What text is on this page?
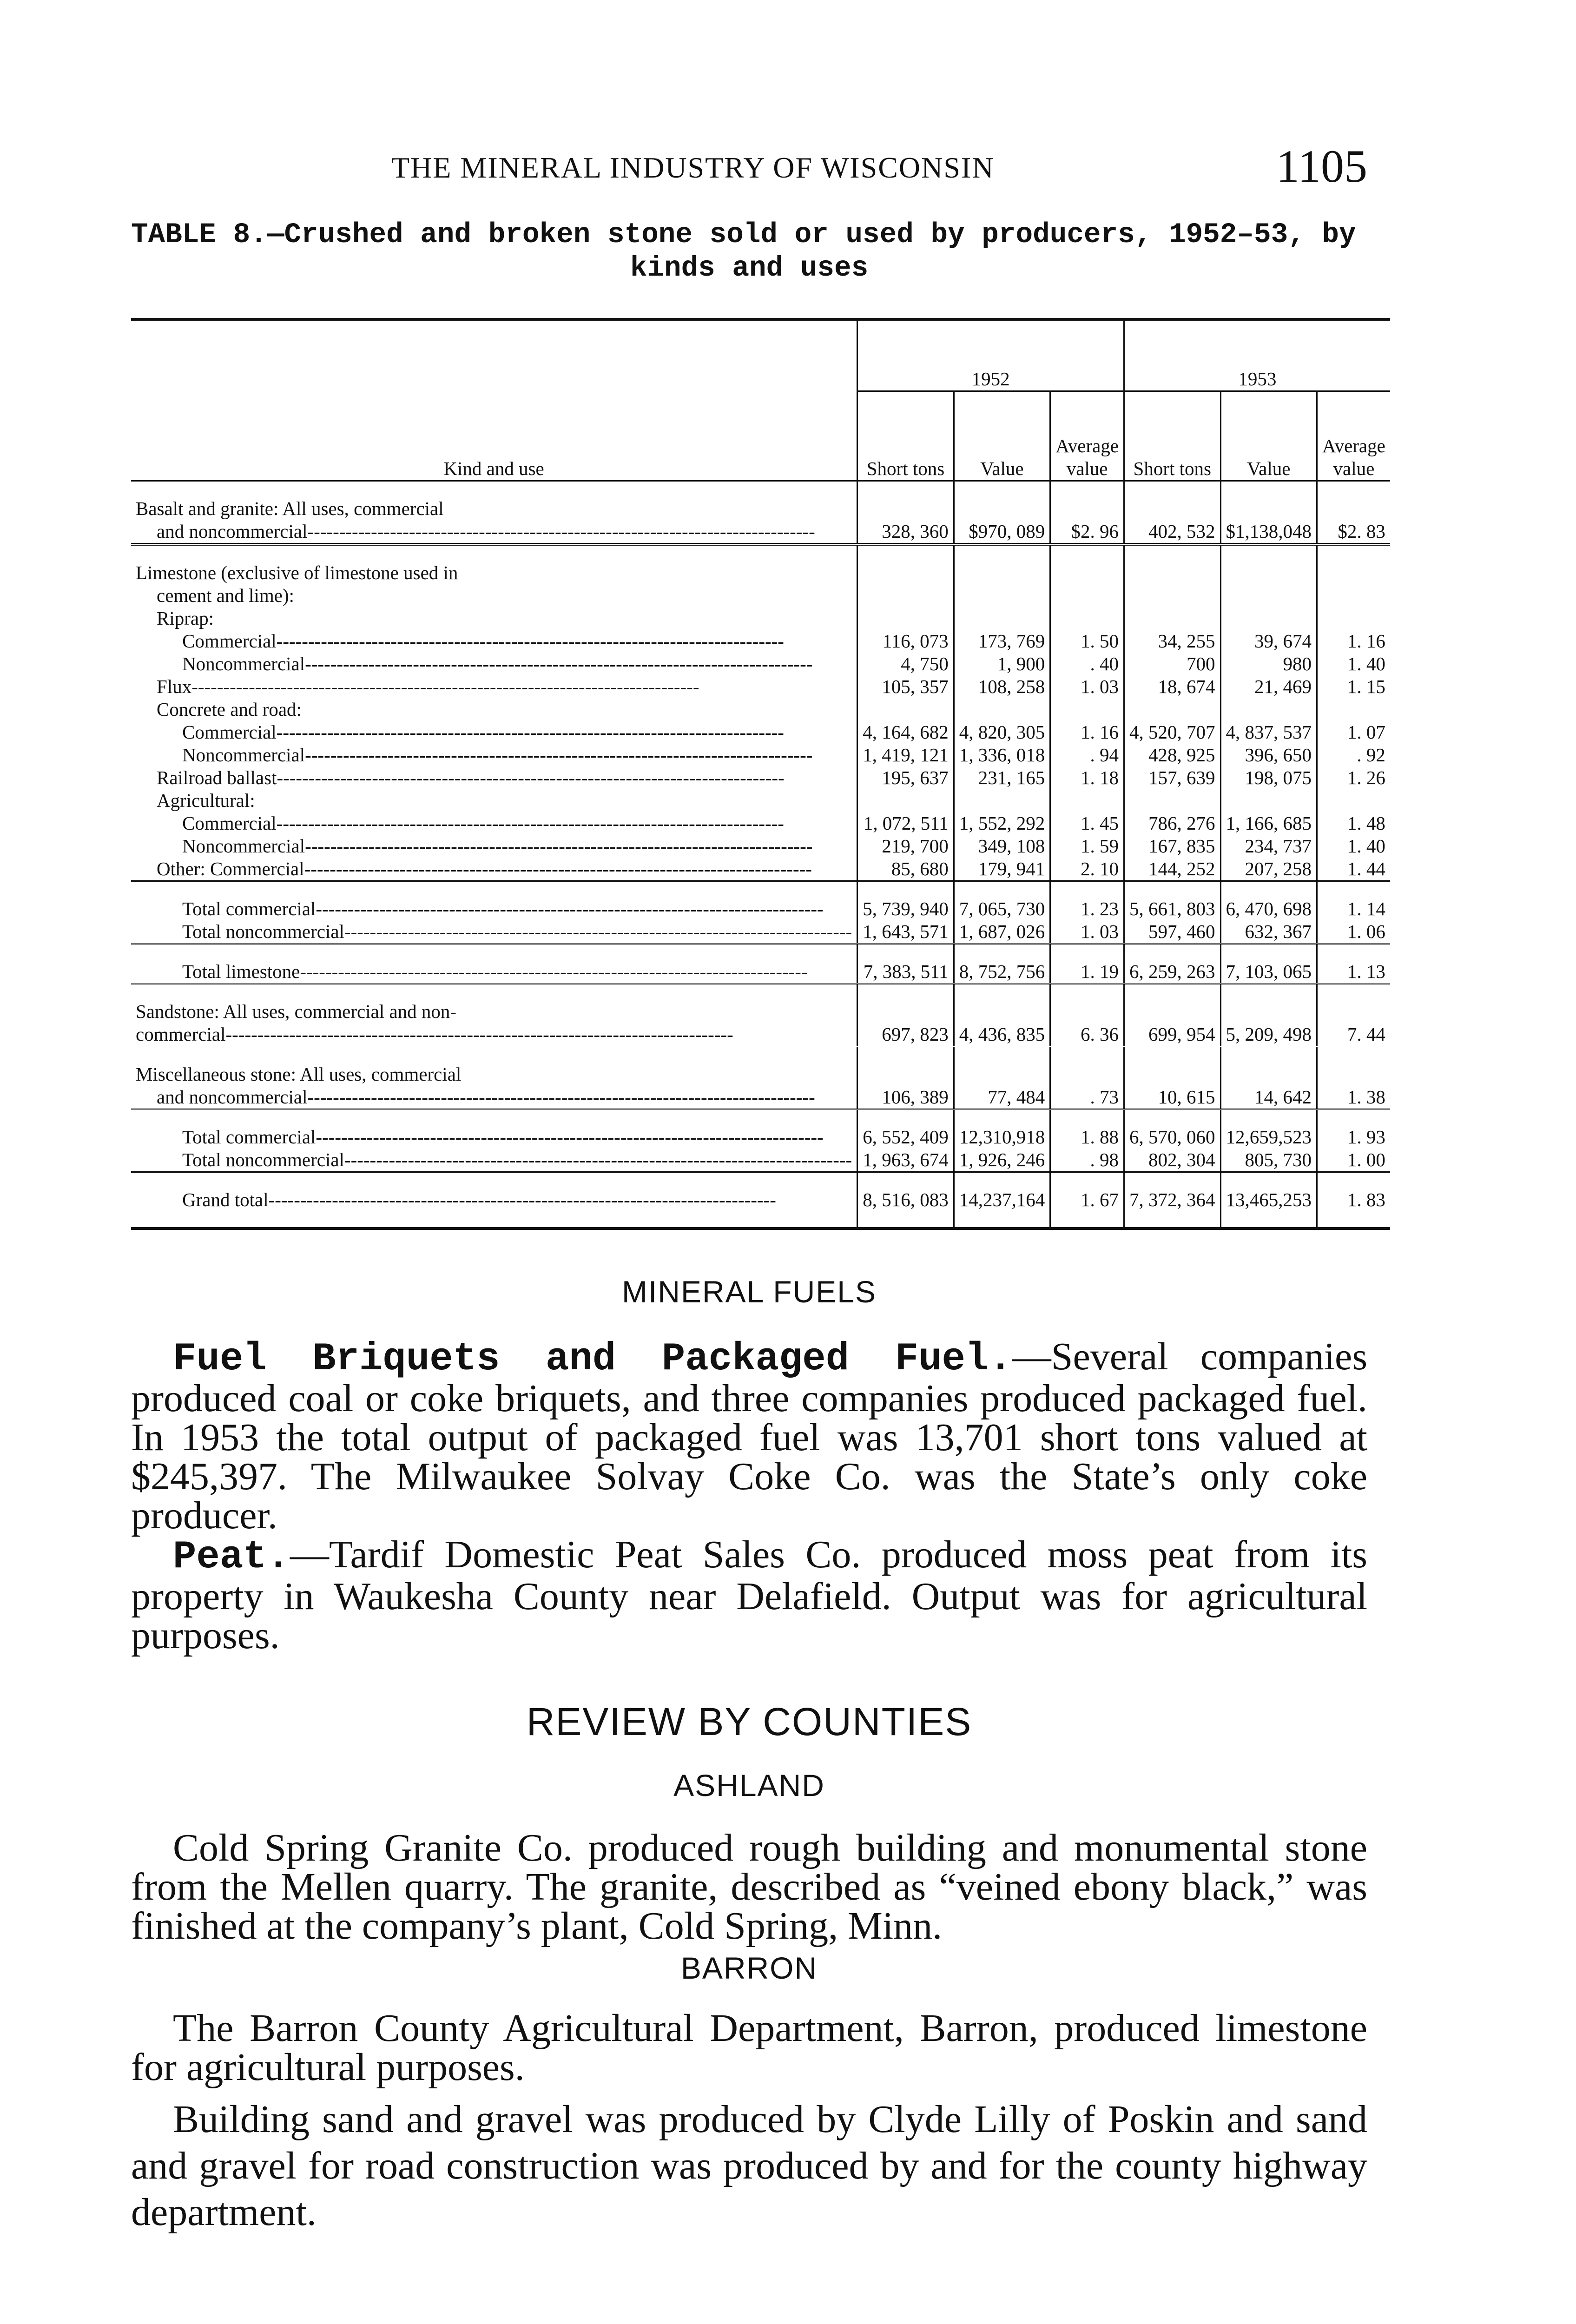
THE MINERAL INDUSTRY OF WISCONSIN	1105
TABLE 8.—Crushed and broken stone sold or used by producers, 1952–53, by
kinds and uses
Kind and use	1952			1953		
	Short tons	Value	Average value	Short tons	Value	Average value

Basalt and granite: All uses, commercial
and noncommercial -----	328, 360	$970, 089	$2. 96	402, 532	$1,138,048	$2. 83

Limestone (exclusive of limestone used in
cement and lime):
Riprap:						

Commercial -----	116, 073	173, 769	1. 50	34, 255	39, 674	1. 16
Noncommercial -----	4, 750	1, 900	. 40	700	980	1. 40
Flux -----	105, 357	108, 258	1. 03	18, 674	21, 469	1. 15
Concrete and road:						
Commercial -----	4, 164, 682	4, 820, 305	1. 16	4, 520, 707	4, 837, 537	1. 07
Noncommercial -----	1, 419, 121	1, 336, 018	. 94	428, 925	396, 650	. 92
Railroad ballast -----	195, 637	231, 165	1. 18	157, 639	198, 075	1. 26
Agricultural:						
Commercial -----	1, 072, 511	1, 552, 292	1. 45	786, 276	1, 166, 685	1. 48
Noncommercial -----	219, 700	349, 108	1. 59	167, 835	234, 737	1. 40
Other: Commercial -----	85, 680	179, 941	2. 10	144, 252	207, 258	1. 44

Total commercial -----	5, 739, 940	7, 065, 730	1. 23	5, 661, 803	6, 470, 698	1. 14
Total noncommercial -----	1, 643, 571	1, 687, 026	1. 03	597, 460	632, 367	1. 06

Total limestone -----	7, 383, 511	8, 752, 756	1. 19	6, 259, 263	7, 103, 065	1. 13

Sandstone: All uses, commercial and non-
commercial -----	697, 823	4, 436, 835	6. 36	699, 954	5, 209, 498	7. 44

Miscellaneous stone: All uses, commercial
and noncommercial -----	106, 389	77, 484	. 73	10, 615	14, 642	1. 38

Total commercial -----	6, 552, 409	12,310,918	1. 88	6, 570, 060	12,659,523	1. 93
Total noncommercial -----	1, 963, 674	1, 926, 246	. 98	802, 304	805, 730	1. 00

Grand total -----	8, 516, 083	14,237,164	1. 67	7, 372, 364	13,465,253	1. 83

MINERAL FUELS

Fuel Briquets and Packaged Fuel.—Several companies produced coal or coke briquets, and three companies produced packaged fuel. In 1953 the total output of packaged fuel was 13,701 short tons valued at $245,397. The Milwaukee Solvay Coke Co. was the State’s only coke producer.

Peat.—Tardif Domestic Peat Sales Co. produced moss peat from its property in Waukesha County near Delafield. Output was for agricultural purposes.

REVIEW BY COUNTIES
ASHLAND

Cold Spring Granite Co. produced rough building and monumental stone from the Mellen quarry. The granite, described as “veined ebony black,” was finished at the company’s plant, Cold Spring, Minn.

BARRON

The Barron County Agricultural Department, Barron, produced limestone for agricultural purposes.

Building sand and gravel was produced by Clyde Lilly of Poskin and sand and gravel for road construction was produced by and for the county highway department.
